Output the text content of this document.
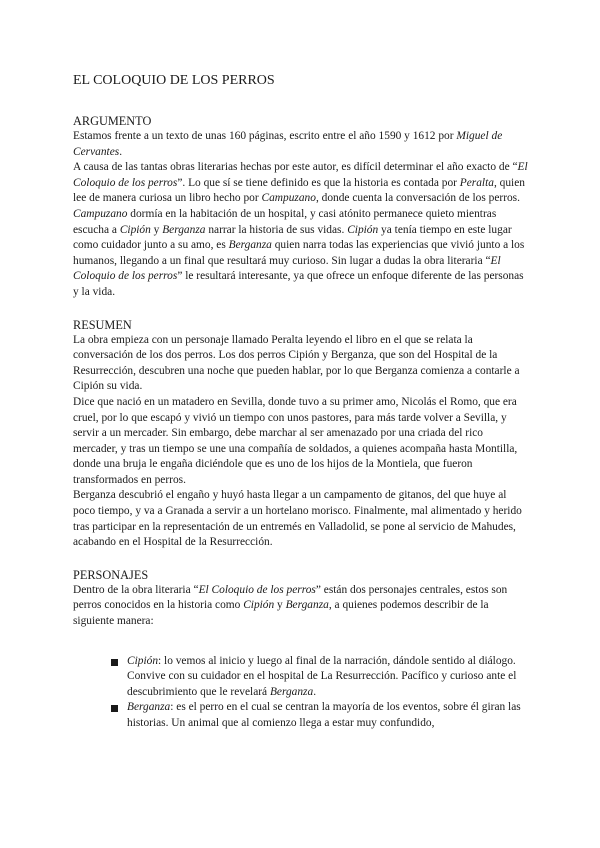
EL COLOQUIO DE LOS PERROS
ARGUMENTO

Estamos frente a un texto de unas 160 páginas, escrito entre el año 1590 y 1612 por Miguel de Cervantes.

A causa de las tantas obras literarias hechas por este autor, es difícil determinar el año exacto de “El Coloquio de los perros”. Lo que sí se tiene definido es que la historia es contada por Peralta, quien lee de manera curiosa un libro hecho por Campuzano, donde cuenta la conversación de los perros.

Campuzano dormía en la habitación de un hospital, y casi atónito permanece quieto mientras escucha a Cipión y Berganza narrar la historia de sus vidas. Cipión ya tenía tiempo en este lugar como cuidador junto a su amo, es Berganza quien narra todas las experiencias que vivió junto a los humanos, llegando a un final que resultará muy curioso. Sin lugar a dudas la obra literaria “El Coloquio de los perros” le resultará interesante, ya que ofrece un enfoque diferente de las personas y la vida.

RESUMEN

La obra empieza con un personaje llamado Peralta leyendo el libro en el que se relata la conversación de los dos perros. Los dos perros Cipión y Berganza, que son del Hospital de la Resurrección, descubren una noche que pueden hablar, por lo que Berganza comienza a contarle a Cipión su vida.

Dice que nació en un matadero en Sevilla, donde tuvo a su primer amo, Nicolás el Romo, que era cruel, por lo que escapó y vivió un tiempo con unos pastores, para más tarde volver a Sevilla, y servir a un mercader. Sin embargo, debe marchar al ser amenazado por una criada del rico mercader, y tras un tiempo se une una compañía de soldados, a quienes acompaña hasta Montilla, donde una bruja le engaña diciéndole que es uno de los hijos de la Montiela, que fueron transformados en perros.

Berganza descubrió el engaño y huyó hasta llegar a un campamento de gitanos, del que huye al poco tiempo, y va a Granada a servir a un hortelano morisco. Finalmente, mal alimentado y herido tras participar en la representación de un entremés en Valladolid, se pone al servicio de Mahudes, acabando en el Hospital de la Resurrección.

PERSONAJES

Dentro de la obra literaria “El Coloquio de los perros” están dos personajes centrales, estos son perros conocidos en la historia como Cipión y Berganza, a quienes podemos describir de la siguiente manera:

Cipión: lo vemos al inicio y luego al final de la narración, dándole sentido al diálogo. Convive con su cuidador en el hospital de La Resurrección. Pacífico y curioso ante el descubrimiento que le revelará Berganza.
Berganza: es el perro en el cual se centran la mayoría de los eventos, sobre él giran las historias. Un animal que al comienzo llega a estar muy confundido,
